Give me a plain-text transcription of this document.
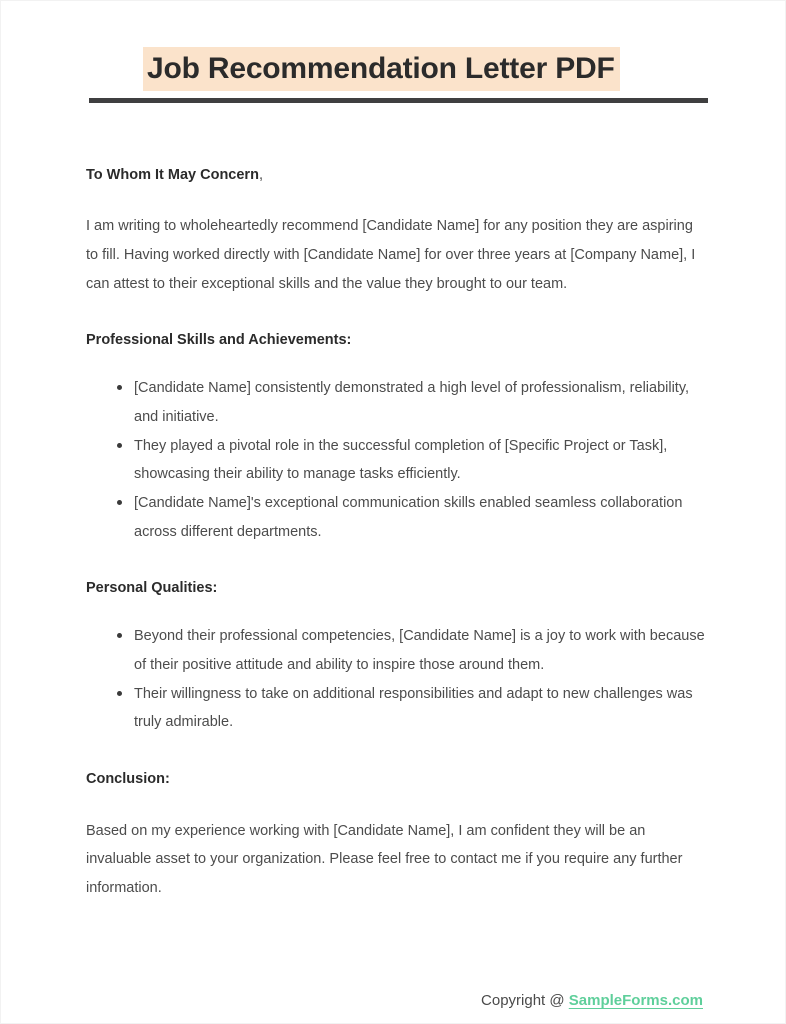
Job Recommendation Letter PDF

To Whom It May Concern,

I am writing to wholeheartedly recommend [Candidate Name] for any position they are aspiring to fill. Having worked directly with [Candidate Name] for over three years at [Company Name], I can attest to their exceptional skills and the value they brought to our team.

Professional Skills and Achievements:
[Candidate Name] consistently demonstrated a high level of professionalism, reliability, and initiative.
They played a pivotal role in the successful completion of [Specific Project or Task], showcasing their ability to manage tasks efficiently.
[Candidate Name]'s exceptional communication skills enabled seamless collaboration across different departments.
Personal Qualities:
Beyond their professional competencies, [Candidate Name] is a joy to work with because of their positive attitude and ability to inspire those around them.
Their willingness to take on additional responsibilities and adapt to new challenges was truly admirable.
Conclusion:

Based on my experience working with [Candidate Name], I am confident they will be an invaluable asset to your organization. Please feel free to contact me if you require any further information.

Copyright @ SampleForms.com
